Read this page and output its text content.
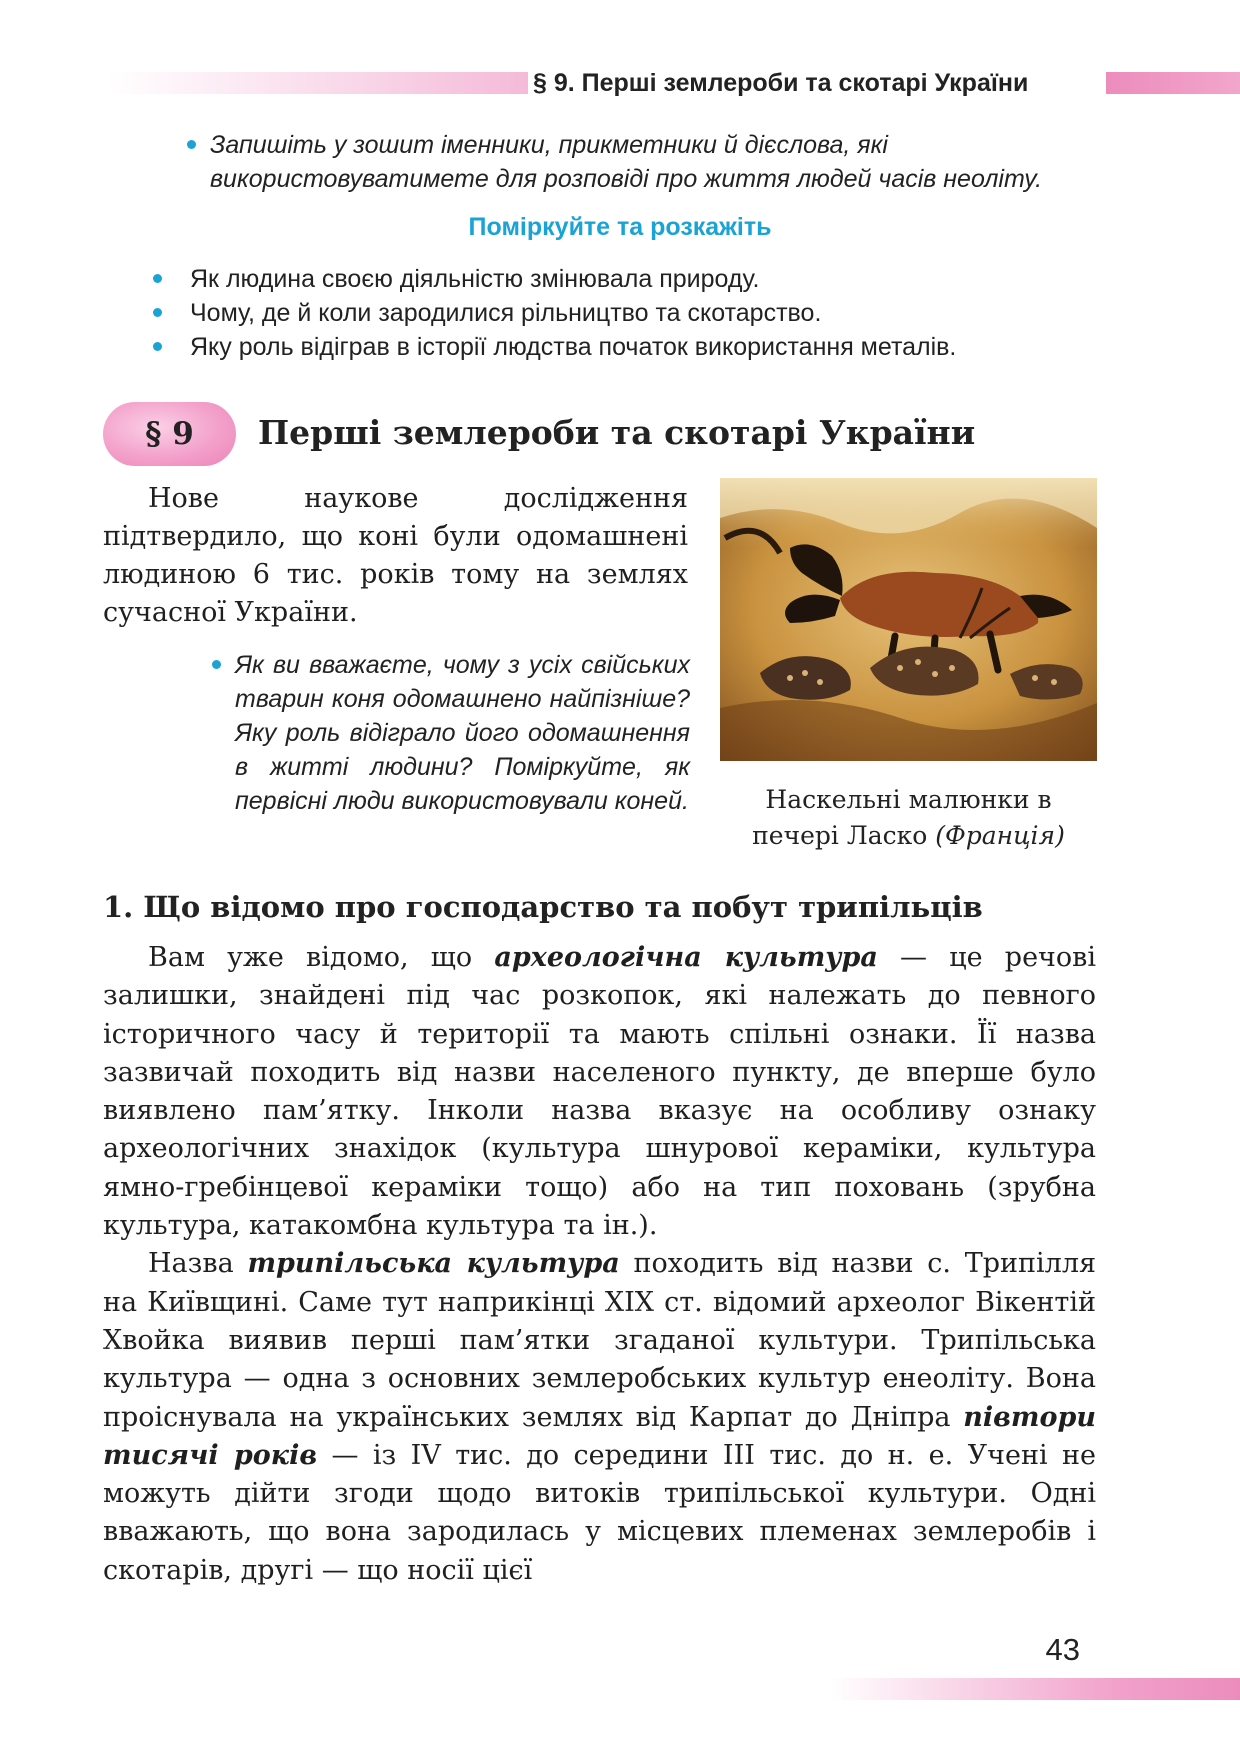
§ 9. Перші землероби та скотарі України
Запишіть у зошит іменники, прикметники й дієслова, які використовуватимете для розповіді про життя людей часів неоліту.
Поміркуйте та розкажіть
Як людина своєю діяльністю змінювала природу.
Чому, де й коли зародилися рільництво та скотарство.
Яку роль відіграв в історії людства початок використання металів.
§ 9	Перші землероби та скотарі України
Нове наукове дослідження підтвердило, що коні були одомашнені людиною 6 тис. років тому на землях сучасної України.
Як ви вважаєте, чому з усіх свійських тварин коня одомашнено найпізніше? Яку роль відіграло його одомашнення в житті людини? Поміркуйте, як первісні люди використовували коней.	Наскельні малюнки в печері Ласко (Франція)
1. Що відомо про господарство та побут трипільців

Вам уже відомо, що археологічна культура — це речові залишки, знайдені під час розкопок, які належать до певного історичного часу й території та мають спільні ознаки. Її назва зазвичай походить від назви населеного пункту, де вперше було виявлено пам’ятку. Інколи назва вказує на особливу ознаку археологічних знахідок (культура шнурової кераміки, культура ямно-гребінцевої кераміки тощо) або на тип поховань (зрубна культура, катакомбна культура та ін.).

Назва трипільська культура походить від назви с. Трипілля на Київщині. Саме тут наприкінці XIX ст. відомий археолог Вікентій Хвойка виявив перші пам’ятки згаданої культури. Трипільська культура — одна з основних землеробських культур енеоліту. Вона проіснувала на українських землях від Карпат до Дніпра півтори тисячі років — із IV тис. до середини III тис. до н. е. Учені не можуть дійти згоди щодо витоків трипільської культури. Одні вважають, що вона зародилась у місцевих племенах землеробів і скотарів, другі — що носії цієї

43
